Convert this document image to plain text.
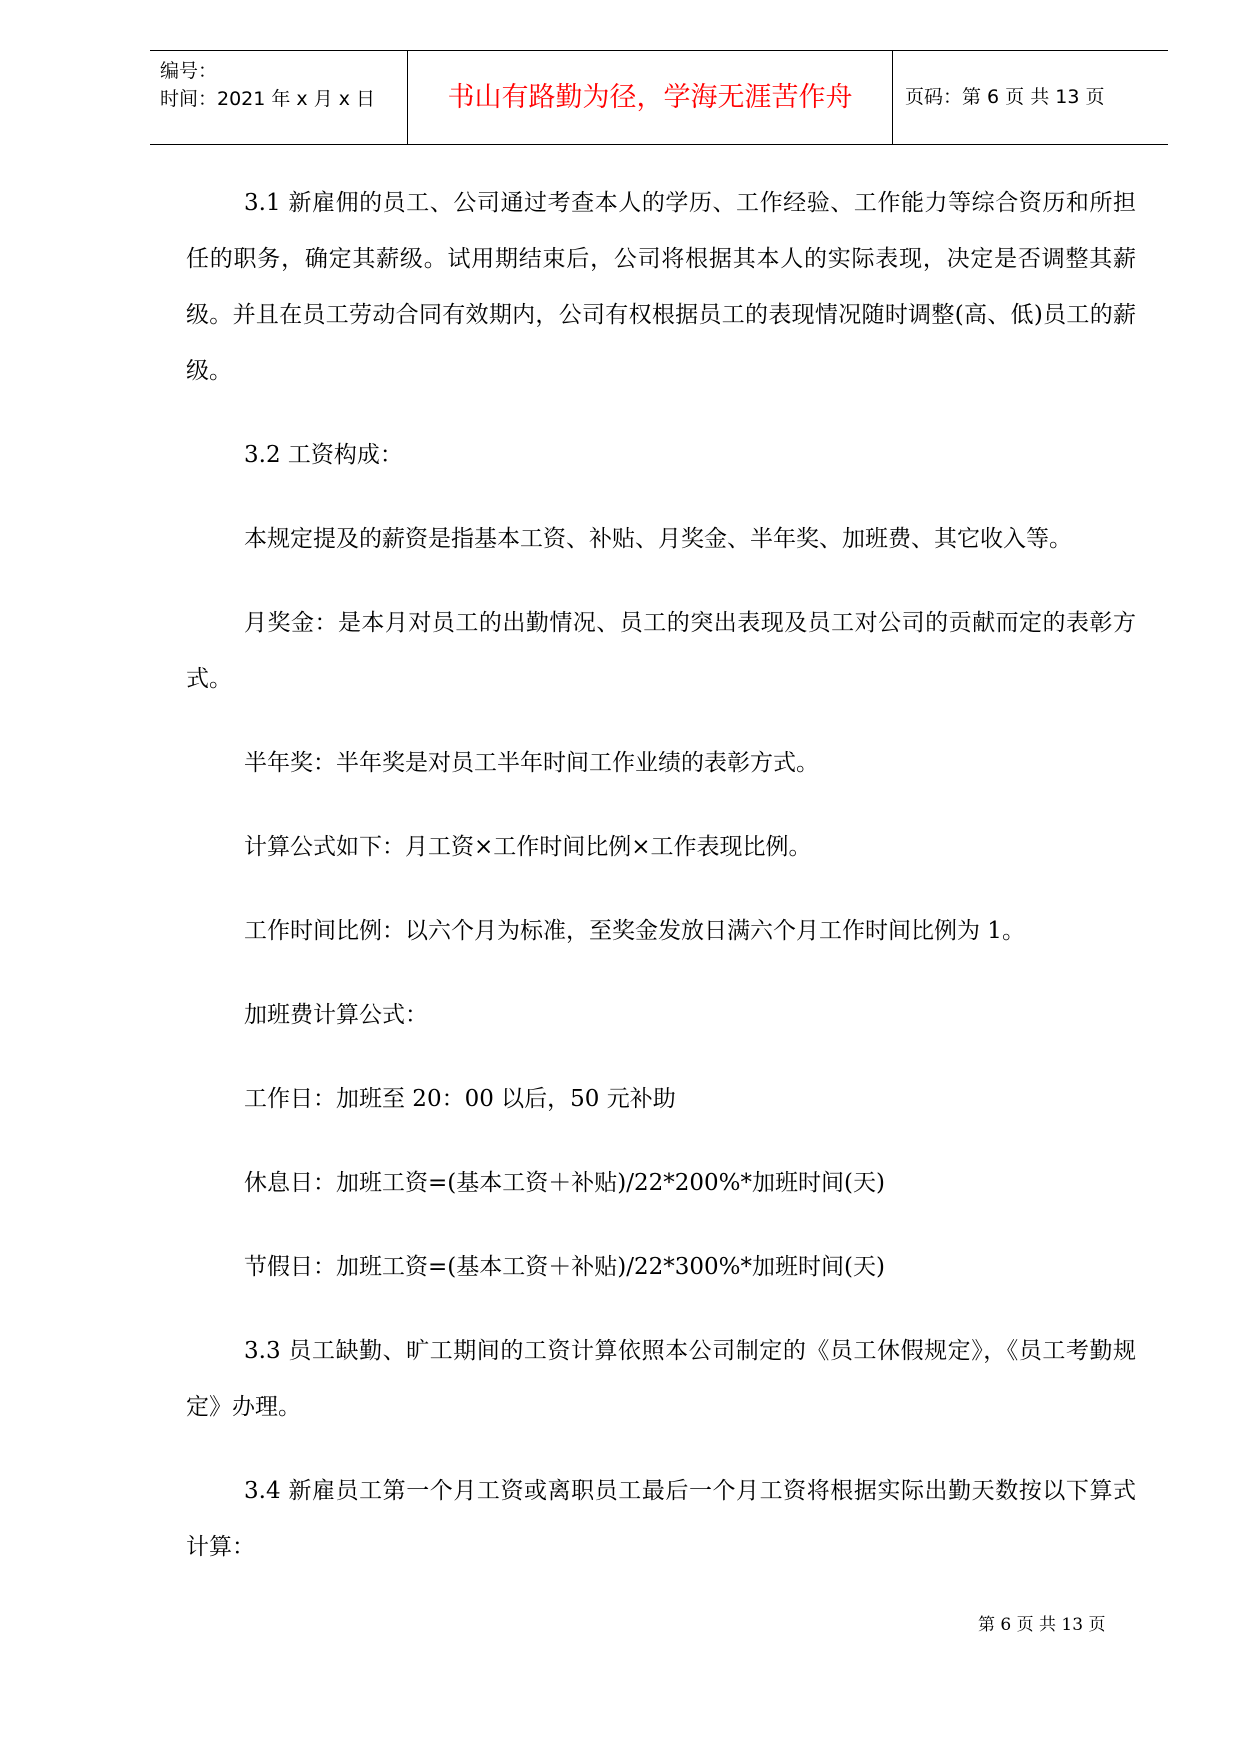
编号：
时间：2021 年 x 月 x 日	书山有路勤为径，学海无涯苦作舟	页码：第 6 页 共 13 页

3.1 新雇佣的员工、公司通过考查本人的学历、工作经验、工作能力等综合资历和所担任的职务，确定其薪级。试用期结束后，公司将根据其本人的实际表现，决定是否调整其薪级。并且在员工劳动合同有效期内，公司有权根据员工的表现情况随时调整(高、低)员工的薪级。

3.2 工资构成：

本规定提及的薪资是指基本工资、补贴、月奖金、半年奖、加班费、其它收入等。

月奖金：是本月对员工的出勤情况、员工的突出表现及员工对公司的贡献而定的表彰方式。

半年奖：半年奖是对员工半年时间工作业绩的表彰方式。

计算公式如下：月工资×工作时间比例×工作表现比例。

工作时间比例：以六个月为标准，至奖金发放日满六个月工作时间比例为 1。

加班费计算公式：

工作日：加班至 20：00 以后，50 元补助

休息日：加班工资=(基本工资＋补贴)/22*200%*加班时间(天)

节假日：加班工资=(基本工资＋补贴)/22*300%*加班时间(天)

3.3 员工缺勤、旷工期间的工资计算依照本公司制定的《员工休假规定》，《员工考勤规定》办理。

3.4 新雇员工第一个月工资或离职员工最后一个月工资将根据实际出勤天数按以下算式计算：

第 6 页 共 13 页
